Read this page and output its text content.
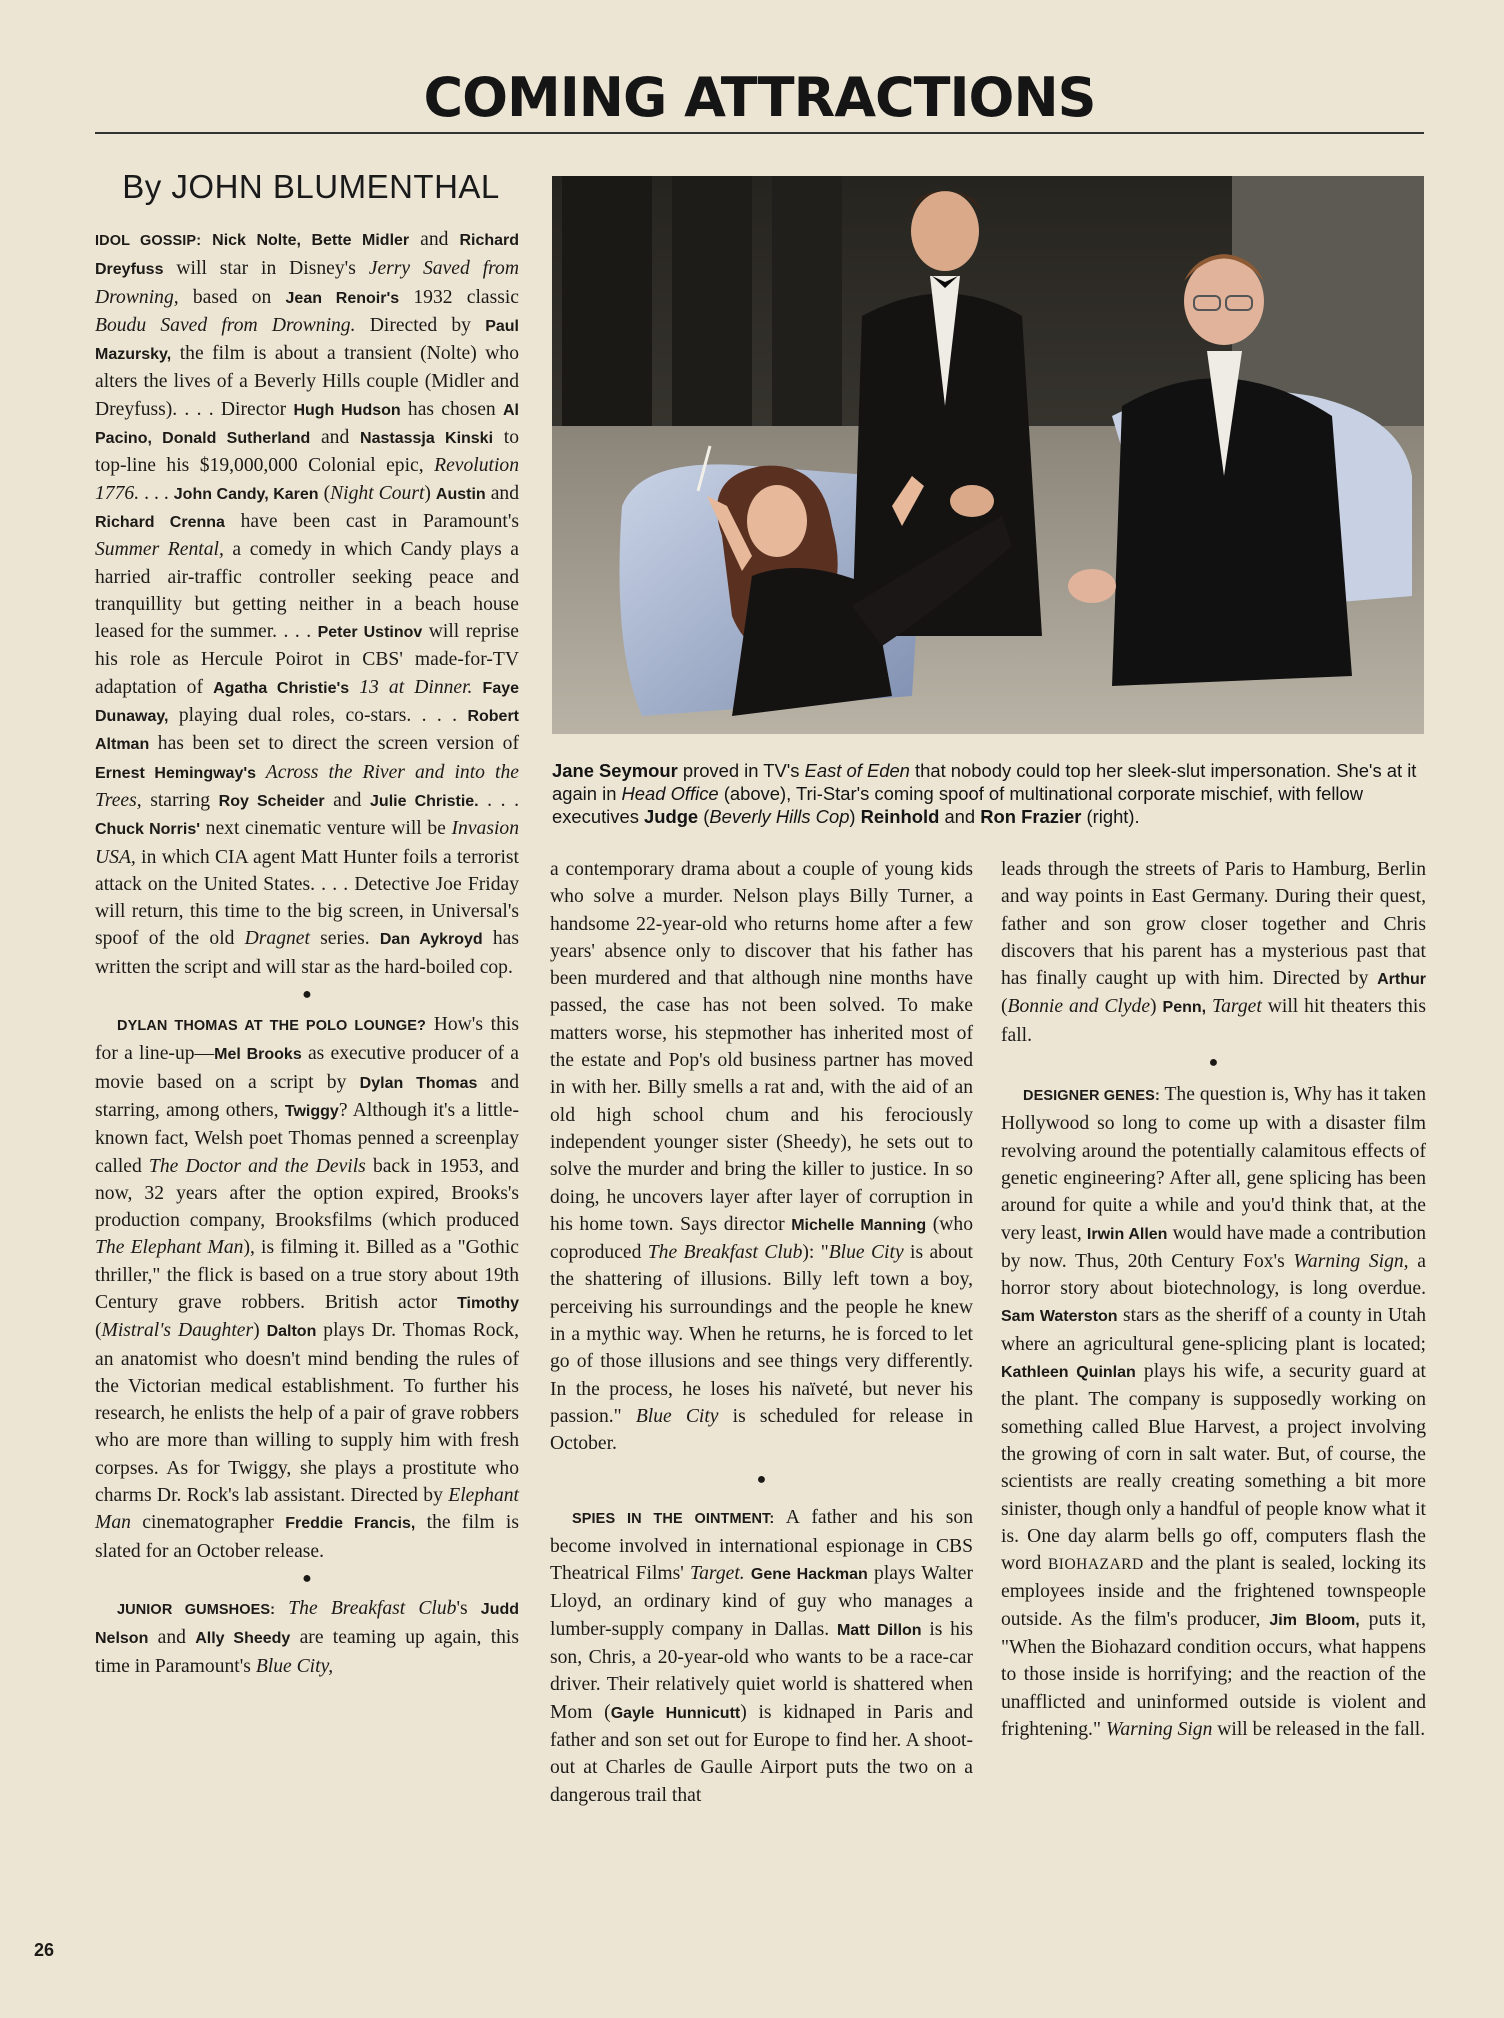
COMING ATTRACTIONS
By JOHN BLUMENTHAL
Jane Seymour proved in TV's East of Eden that nobody could top her sleek-slut impersonation. She's at it again in Head Office (above), Tri-Star's coming spoof of multinational corporate mischief, with fellow executives Judge (Beverly Hills Cop) Reinhold and Ron Frazier (right).

IDOL GOSSIP: Nick Nolte, Bette Midler and Richard Dreyfuss will star in Disney's Jerry Saved from Drowning, based on Jean Renoir's 1932 classic Boudu Saved from Drowning. Directed by Paul Mazursky, the film is about a transient (Nolte) who alters the lives of a Beverly Hills couple (Midler and Dreyfuss). . . . Director Hugh Hudson has chosen Al Pacino, Donald Sutherland and Nastassja Kinski to top-line his $19,000,000 Colonial epic, Revolution 1776. . . . John Candy, Karen (Night Court) Austin and Richard Crenna have been cast in Paramount's Summer Rental, a comedy in which Candy plays a harried air-traffic controller seeking peace and tranquillity but getting neither in a beach house leased for the summer. . . . Peter Ustinov will reprise his role as Hercule Poirot in CBS' made-for-TV adaptation of Agatha Christie's 13 at Dinner. Faye Dunaway, playing dual roles, co-stars. . . . Robert Altman has been set to direct the screen version of Ernest Hemingway's Across the River and into the Trees, starring Roy Scheider and Julie Christie. . . . Chuck Norris' next cinematic venture will be Invasion USA, in which CIA agent Matt Hunter foils a terrorist attack on the United States. . . . Detective Joe Friday will return, this time to the big screen, in Universal's spoof of the old Dragnet series. Dan Aykroyd has written the script and will star as the hard-boiled cop.

●

DYLAN THOMAS AT THE POLO LOUNGE? How's this for a line-up—Mel Brooks as executive producer of a movie based on a script by Dylan Thomas and starring, among others, Twiggy? Although it's a little-known fact, Welsh poet Thomas penned a screenplay called The Doctor and the Devils back in 1953, and now, 32 years after the option expired, Brooks's production company, Brooksfilms (which produced The Elephant Man), is filming it. Billed as a "Gothic thriller," the flick is based on a true story about 19th Century grave robbers. British actor Timothy (Mistral's Daughter) Dalton plays Dr. Thomas Rock, an anatomist who doesn't mind bending the rules of the Victorian medical establishment. To further his research, he enlists the help of a pair of grave robbers who are more than willing to supply him with fresh corpses. As for Twiggy, she plays a prostitute who charms Dr. Rock's lab assistant. Directed by Elephant Man cinematographer Freddie Francis, the film is slated for an October release.

●

JUNIOR GUMSHOES: The Breakfast Club's Judd Nelson and Ally Sheedy are teaming up again, this time in Paramount's Blue City,

a contemporary drama about a couple of young kids who solve a murder. Nelson plays Billy Turner, a handsome 22-year-old who returns home after a few years' absence only to discover that his father has been murdered and that although nine months have passed, the case has not been solved. To make matters worse, his stepmother has inherited most of the estate and Pop's old business partner has moved in with her. Billy smells a rat and, with the aid of an old high school chum and his ferociously independent younger sister (Sheedy), he sets out to solve the murder and bring the killer to justice. In so doing, he uncovers layer after layer of corruption in his home town. Says director Michelle Manning (who coproduced The Breakfast Club): "Blue City is about the shattering of illusions. Billy left town a boy, perceiving his surroundings and the people he knew in a mythic way. When he returns, he is forced to let go of those illusions and see things very differently. In the process, he loses his naïveté, but never his passion." Blue City is scheduled for release in October.

●

SPIES IN THE OINTMENT: A father and his son become involved in international espionage in CBS Theatrical Films' Target. Gene Hackman plays Walter Lloyd, an ordinary kind of guy who manages a lumber-supply company in Dallas. Matt Dillon is his son, Chris, a 20-year-old who wants to be a race-car driver. Their relatively quiet world is shattered when Mom (Gayle Hunnicutt) is kidnaped in Paris and father and son set out for Europe to find her. A shoot-out at Charles de Gaulle Airport puts the two on a dangerous trail that

leads through the streets of Paris to Hamburg, Berlin and way points in East Germany. During their quest, father and son grow closer together and Chris discovers that his parent has a mysterious past that has finally caught up with him. Directed by Arthur (Bonnie and Clyde) Penn, Target will hit theaters this fall.

●

DESIGNER GENES: The question is, Why has it taken Hollywood so long to come up with a disaster film revolving around the potentially calamitous effects of genetic engineering? After all, gene splicing has been around for quite a while and you'd think that, at the very least, Irwin Allen would have made a contribution by now. Thus, 20th Century Fox's Warning Sign, a horror story about biotechnology, is long overdue. Sam Waterston stars as the sheriff of a county in Utah where an agricultural gene-splicing plant is located; Kathleen Quinlan plays his wife, a security guard at the plant. The company is supposedly working on something called Blue Harvest, a project involving the growing of corn in salt water. But, of course, the scientists are really creating something a bit more sinister, though only a handful of people know what it is. One day alarm bells go off, computers flash the word BIOHAZARD and the plant is sealed, locking its employees inside and the frightened townspeople outside. As the film's producer, Jim Bloom, puts it, "When the Biohazard condition occurs, what happens to those inside is horrifying; and the reaction of the unafflicted and uninformed outside is violent and frightening." Warning Sign will be released in the fall.

26
